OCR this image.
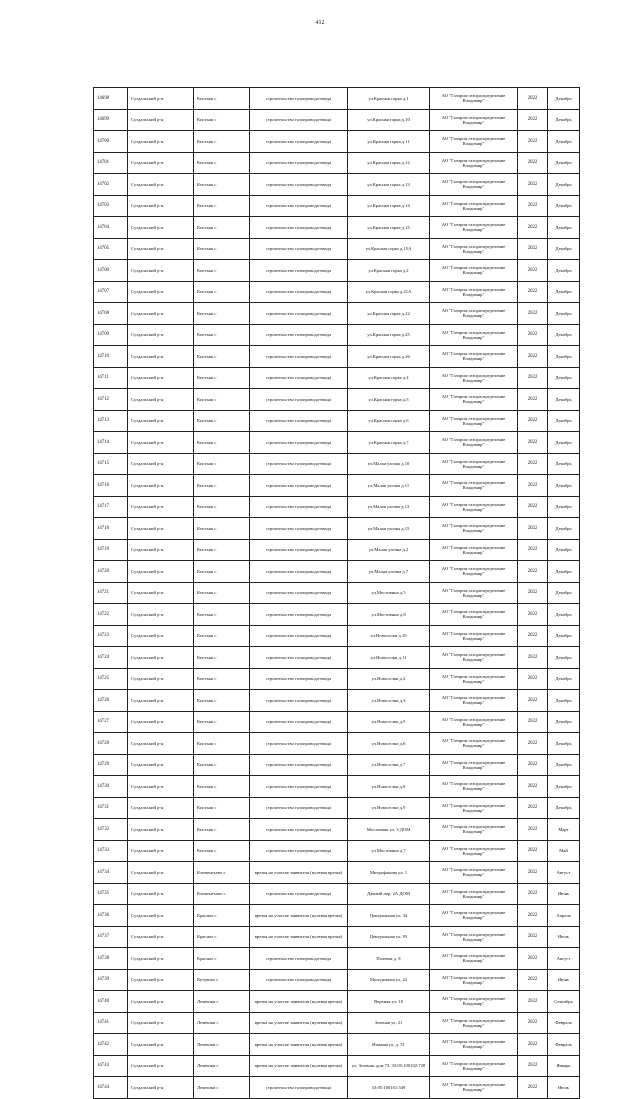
412
14698	Суздальский р-н	Кистыш с	строительство газопровода-ввода	ул.Красная горка д.1	АО "Газпром газораспределение Владимир"	2022	Декабрь
14699	Суздальский р-н	Кистыш с	строительство газопровода-ввода	ул.Красная горка д.10	АО "Газпром газораспределение Владимир"	2022	Декабрь
14700	Суздальский р-н	Кистыш с	строительство газопровода-ввода	ул.Красная горка д.11	АО "Газпром газораспределение Владимир"	2022	Декабрь
14701	Суздальский р-н	Кистыш с	строительство газопровода-ввода	ул.Красная горка д.12	АО "Газпром газораспределение Владимир"	2022	Декабрь
14702	Суздальский р-н	Кистыш с	строительство газопровода-ввода	ул.Красная горка д.13	АО "Газпром газораспределение Владимир"	2022	Декабрь
14703	Суздальский р-н	Кистыш с	строительство газопровода-ввода	ул.Красная горка д.14	АО "Газпром газораспределение Владимир"	2022	Декабрь
14704	Суздальский р-н	Кистыш с	строительство газопровода-ввода	ул.Красная горка д.15	АО "Газпром газораспределение Владимир"	2022	Декабрь
14705	Суздальский р-н	Кистыш с	строительство газопровода-ввода	ул.Красная горка д.15А	АО "Газпром газораспределение Владимир"	2022	Декабрь
14706	Суздальский р-н	Кистыш с	строительство газопровода-ввода	ул.Красная горка д.2	АО "Газпром газораспределение Владимир"	2022	Декабрь
14707	Суздальский р-н	Кистыш с	строительство газопровода-ввода	ул.Красная горка д.21А	АО "Газпром газораспределение Владимир"	2022	Декабрь
14708	Суздальский р-н	Кистыш с	строительство газопровода-ввода	ул.Красная горка д.22	АО "Газпром газораспределение Владимир"	2022	Декабрь
14709	Суздальский р-н	Кистыш с	строительство газопровода-ввода	ул.Красная горка д.25	АО "Газпром газораспределение Владимир"	2022	Декабрь
14710	Суздальский р-н	Кистыш с	строительство газопровода-ввода	ул.Красная горка д.26	АО "Газпром газораспределение Владимир"	2022	Декабрь
14711	Суздальский р-н	Кистыш с	строительство газопровода-ввода	ул.Красная горка д.4	АО "Газпром газораспределение Владимир"	2022	Декабрь
14712	Суздальский р-н	Кистыш с	строительство газопровода-ввода	ул.Красная горка д.5	АО "Газпром газораспределение Владимир"	2022	Декабрь
14713	Суздальский р-н	Кистыш с	строительство газопровода-ввода	ул.Красная горка д.6	АО "Газпром газораспределение Владимир"	2022	Декабрь
14714	Суздальский р-н	Кистыш с	строительство газопровода-ввода	ул.Красная горка д.7	АО "Газпром газораспределение Владимир"	2022	Декабрь
14715	Суздальский р-н	Кистыш с	строительство газопровода-ввода	ул.Малая улочка д.10	АО "Газпром газораспределение Владимир"	2022	Декабрь
14716	Суздальский р-н	Кистыш с	строительство газопровода-ввода	ул.Малая улочка д.11	АО "Газпром газораспределение Владимир"	2022	Декабрь
14717	Суздальский р-н	Кистыш с	строительство газопровода-ввода	ул.Малая улочка д.13	АО "Газпром газораспределение Владимир"	2022	Декабрь
14718	Суздальский р-н	Кистыш с	строительство газопровода-ввода	ул.Малая улочка д.15	АО "Газпром газораспределение Владимир"	2022	Декабрь
14719	Суздальский р-н	Кистыш с	строительство газопровода-ввода	ул.Малая улочка д.2	АО "Газпром газораспределение Владимир"	2022	Декабрь
14720	Суздальский р-н	Кистыш с	строительство газопровода-ввода	ул.Малая улочка д.7	АО "Газпром газораспределение Владимир"	2022	Декабрь
14721	Суздальский р-н	Кистыш с	строительство газопровода-ввода	ул.Мостовина д.5	АО "Газпром газораспределение Владимир"	2022	Декабрь
14722	Суздальский р-н	Кистыш с	строительство газопровода-ввода	ул.Мостовина д.8	АО "Газпром газораспределение Владимир"	2022	Декабрь
14723	Суздальский р-н	Кистыш с	строительство газопровода-ввода	ул.Новоселки д.10	АО "Газпром газораспределение Владимир"	2022	Декабрь
14724	Суздальский р-н	Кистыш с	строительство газопровода-ввода	ул.Новоселки д.11	АО "Газпром газораспределение Владимир"	2022	Декабрь
14725	Суздальский р-н	Кистыш с	строительство газопровода-ввода	ул.Новоселки д.2	АО "Газпром газораспределение Владимир"	2022	Декабрь
14726	Суздальский р-н	Кистыш с	строительство газопровода-ввода	ул.Новоселки д.3	АО "Газпром газораспределение Владимир"	2022	Декабрь
14727	Суздальский р-н	Кистыш с	строительство газопровода-ввода	ул.Новоселки д.5	АО "Газпром газораспределение Владимир"	2022	Декабрь
14728	Суздальский р-н	Кистыш с	строительство газопровода-ввода	ул.Новоселки д.6	АО "Газпром газораспределение Владимир"	2022	Декабрь
14729	Суздальский р-н	Кистыш с	строительство газопровода-ввода	ул.Новоселки д.7	АО "Газпром газораспределение Владимир"	2022	Декабрь
14730	Суздальский р-н	Кистыш с	строительство газопровода-ввода	ул.Новоселки д.8	АО "Газпром газораспределение Владимир"	2022	Декабрь
14731	Суздальский р-н	Кистыш с	строительство газопровода-ввода	ул.Новоселки д.9	АО "Газпром газораспределение Владимир"	2022	Декабрь
14732	Суздальский р-н	Кистыш с	строительство газопровода-ввода	Мостовина ул, 3 ДОМ	АО "Газпром газораспределение Владимир"	2022	Март
14733	Суздальский р-н	Кистыш с	строительство газопровода-ввода	ул.Мостовина д.7	АО "Газпром газораспределение Владимир"	2022	Май
14734	Суздальский р-н	Клементьево с	врезка на участке заявителя (нулевая врезка)	Митрофанова ул, 1	АО "Газпром газораспределение Владимир"	2022	Август
14735	Суздальский р-н	Клементьево с	строительство газопровода-ввода	Дачный пер, 2А ДОМ	АО "Газпром газораспределение Владимир"	2022	Июнь
14736	Суздальский р-н	Красное с	врезка на участке заявителя (нулевая врезка)	Центральная ул, 34	АО "Газпром газораспределение Владимир"	2022	Апрель
14737	Суздальский р-н	Красное с	врезка на участке заявителя (нулевая врезка)	Центральная ул, 93	АО "Газпром газораспределение Владимир"	2022	Июль
14738	Суздальский р-н	Красное с	строительство газопровода-ввода	Полевая д. 8	АО "Газпром газораспределение Владимир"	2022	Август
14739	Суздальский р-н	Кутуково с	строительство газопровода-ввода	Молодежная ул, 22	АО "Газпром газораспределение Владимир"	2022	Июнь
14740	Суздальский р-н	Лемешки с	врезка на участке заявителя (нулевая врезка)	Верхняя ул, 18	АО "Газпром газораспределение Владимир"	2022	Сентябрь
14741	Суздальский р-н	Лемешки с	врезка на участке заявителя (нулевая врезка)	Зеленая ул, 21	АО "Газпром газораспределение Владимир"	2022	Февраль
14742	Суздальский р-н	Лемешки с	врезка на участке заявителя (нулевая врезка)	Нижняя ул, д. 51	АО "Газпром газораспределение Владимир"	2022	Февраль
14743	Суздальский р-н	Лемешки с	врезка на участке заявителя (нулевая врезка)	ул. Зеленая, дом 73, 33:05:100102:728	АО "Газпром газораспределение Владимир"	2022	Январь
14744	Суздальский р-н	Лемешки с	строительство газопровода-ввода	33:05:100101:549	АО "Газпром газораспределение Владимир"	2022	Июль
